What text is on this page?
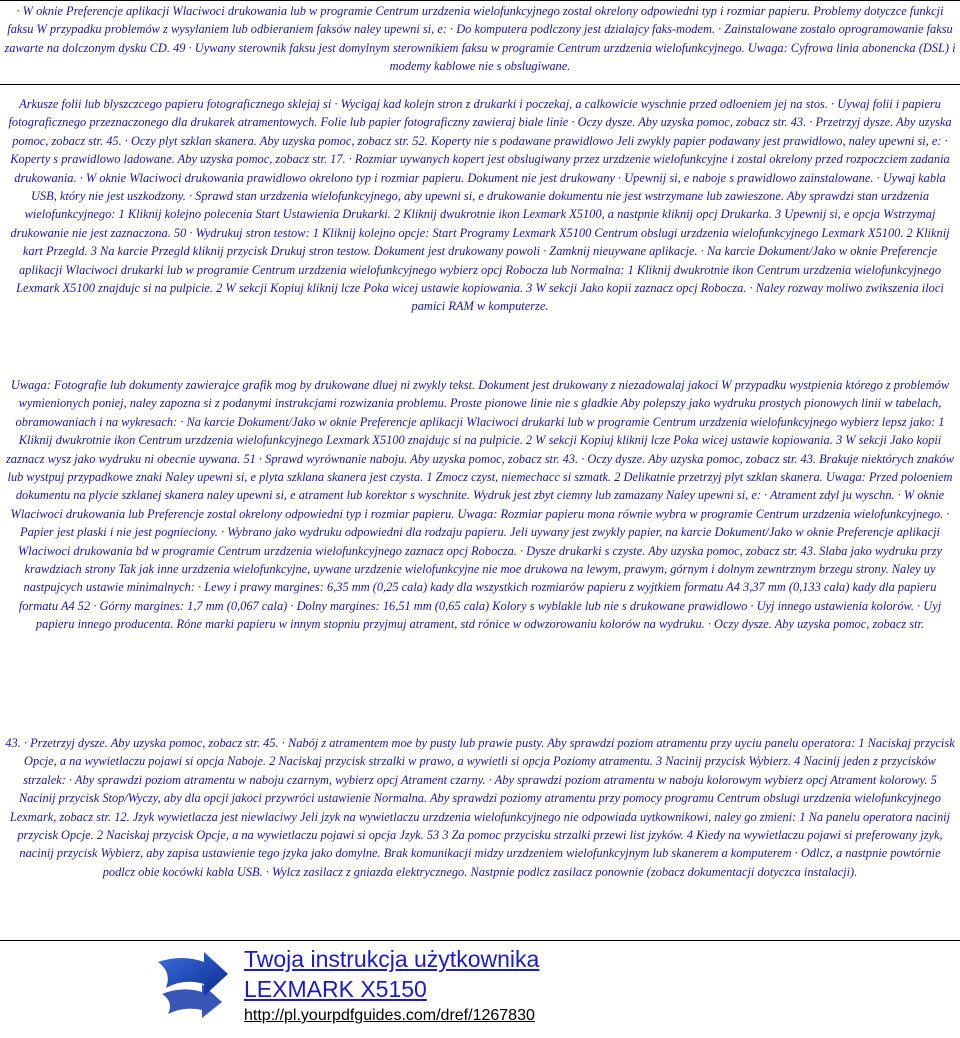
· W oknie Preferencje aplikacji Wlaciwoci drukowania lub w programie Centrum urzdzenia wielofunkcyjnego zostal okrelony odpowiedni typ i rozmiar papieru. Problemy dotyczce funkcji faksu W przypadku problemów z wysylaniem lub odbieraniem faksów naley upewni si, e: · Do komputera podlczony jest dzialajcy faks-modem. · Zainstalowane zostalo oprogramowanie faksu zawarte na dolczonym dysku CD. 49 · Uywany sterownik faksu jest domylnym sterownikiem faksu w programie Centrum urzdzenia wielofunkcyjnego. Uwaga: Cyfrowa linia abonencka (DSL) i modemy kablowe nie s obslugiwane.
Arkusze folii lub blyszczcego papieru fotograficznego sklejaj si · Wycigaj kad kolejn stron z drukarki i poczekaj, a calkowicie wyschnie przed odloeniem jej na stos. · Uywaj folii i papieru fotograficznego przeznaczonego dla drukarek atramentowych. Folie lub papier fotograficzny zawieraj biale linie · Oczy dysze. Aby uzyska pomoc, zobacz str. 43. · Przetrzyj dysze. Aby uzyska pomoc, zobacz str. 45. · Oczy plyt szklan skanera. Aby uzyska pomoc, zobacz str. 52. Koperty nie s podawane prawidlowo Jeli zwykly papier podawany jest prawidlowo, naley upewni si, e: · Koperty s prawidlowo ladowane. Aby uzyska pomoc, zobacz str. 17. · Rozmiar uywanych kopert jest obslugiwany przez urzdzenie wielofunkcyjne i zostal okrelony przed rozpoczciem zadania drukowania. · W oknie Wlaciwoci drukowania prawidlowo okrelono typ i rozmiar papieru. Dokument nie jest drukowany · Upewnij si, e naboje s prawidlowo zainstalowane. · Uywaj kabla USB, który nie jest uszkodzony. · Sprawd stan urzdzenia wielofunkcyjnego, aby upewni si, e drukowanie dokumentu nie jest wstrzymane lub zawieszone. Aby sprawdzi stan urzdzenia wielofunkcyjnego: 1 Kliknij kolejno polecenia Start Ustawienia Drukarki. 2 Kliknij dwukrotnie ikon Lexmark X5100, a nastpnie kliknij opcj Drukarka. 3 Upewnij si, e opcja Wstrzymaj drukowanie nie jest zaznaczona. 50 · Wydrukuj stron testow: 1 Kliknij kolejno opcje: Start Programy Lexmark X5100 Centrum obslugi urzdzenia wielofunkcyjnego Lexmark X5100. 2 Kliknij kart Przegld. 3 Na karcie Przegld kliknij przycisk Drukuj stron testow. Dokument jest drukowany powoli · Zamknij nieuywane aplikacje. · Na karcie Dokument/Jako w oknie Preferencje aplikacji Wlaciwoci drukarki lub w programie Centrum urzdzenia wielofunkcyjnego wybierz opcj Robocza lub Normalna: 1 Kliknij dwukrotnie ikon Centrum urzdzenia wielofunkcyjnego Lexmark X5100 znajdujc si na pulpicie. 2 W sekcji Kopiuj kliknij lcze Poka wicej ustawie kopiowania. 3 W sekcji Jako kopii zaznacz opcj Robocza. · Naley rozway moliwo zwikszenia iloci pamici RAM w komputerze.
Uwaga: Fotografie lub dokumenty zawierajce grafik mog by drukowane dluej ni zwykly tekst. Dokument jest drukowany z niezadowalaj jakoci W przypadku wystpienia którego z problemów wymienionych poniej, naley zapozna si z podanymi instrukcjami rozwizania problemu. Proste pionowe linie nie s gladkie Aby polepszy jako wydruku prostych pionowych linii w tabelach, obramowaniach i na wykresach: · Na karcie Dokument/Jako w oknie Preferencje aplikacji Wlaciwoci drukarki lub w programie Centrum urzdzenia wielofunkcyjnego wybierz lepsz jako: 1 Kliknij dwukrotnie ikon Centrum urzdzenia wielofunkcyjnego Lexmark X5100 znajdujc si na pulpicie. 2 W sekcji Kopiuj kliknij lcze Poka wicej ustawie kopiowania. 3 W sekcji Jako kopii zaznacz wysz jako wydruku ni obecnie uywana. 51 · Sprawd wyrównanie naboju. Aby uzyska pomoc, zobacz str. 43. · Oczy dysze. Aby uzyska pomoc, zobacz str. 43. Brakuje niektórych znaków lub wystpuj przypadkowe znaki Naley upewni si, e plyta szklana skanera jest czysta. 1 Zmocz czyst, niemechacc si szmatk. 2 Delikatnie przetrzyj plyt szklan skanera. Uwaga: Przed poloeniem dokumentu na plycie szklanej skanera naley upewni si, e atrament lub korektor s wyschnite. Wydruk jest zbyt ciemny lub zamazany Naley upewni si, e: · Atrament zdyl ju wyschn. · W oknie Wlaciwoci drukowania lub Preferencje zostal okrelony odpowiedni typ i rozmiar papieru. Uwaga: Rozmiar papieru mona równie wybra w programie Centrum urzdzenia wielofunkcyjnego. · Papier jest plaski i nie jest pognieciony. · Wybrano jako wydruku odpowiedni dla rodzaju papieru. Jeli uywany jest zwykly papier, na karcie Dokument/Jako w oknie Preferencje aplikacji Wlaciwoci drukowania bd w programie Centrum urzdzenia wielofunkcyjnego zaznacz opcj Robocza. · Dysze drukarki s czyste. Aby uzyska pomoc, zobacz str. 43. Slaba jako wydruku przy krawdziach strony Tak jak inne urzdzenia wielofunkcyjne, uywane urzdzenie wielofunkcyjne nie moe drukowa na lewym, prawym, górnym i dolnym zewntrznym brzegu strony. Naley uy nastpujcych ustawie minimalnych: · Lewy i prawy margines: 6,35 mm (0,25 cala) kady dla wszystkich rozmiarów papieru z wyjtkiem formatu A4 3,37 mm (0,133 cala) kady dla papieru formatu A4 52 · Górny margines: 1,7 mm (0,067 cala) · Dolny margines: 16,51 mm (0,65 cala) Kolory s wyblakle lub nie s drukowane prawidlowo · Uyj innego ustawienia kolorów. · Uyj papieru innego producenta. Róne marki papieru w innym stopniu przyjmuj atrament, std rónice w odwzorowaniu kolorów na wydruku. · Oczy dysze. Aby uzyska pomoc, zobacz str.
43. · Przetrzyj dysze. Aby uzyska pomoc, zobacz str. 45. · Nabój z atramentem moe by pusty lub prawie pusty. Aby sprawdzi poziom atramentu przy uyciu panelu operatora: 1 Naciskaj przycisk Opcje, a na wywietlaczu pojawi si opcja Naboje. 2 Naciskaj przycisk strzalki w prawo, a wywietli si opcja Poziomy atramentu. 3 Nacinij przycisk Wybierz. 4 Nacinij jeden z przycisków strzalek: · Aby sprawdzi poziom atramentu w naboju czarnym, wybierz opcj Atrament czarny. · Aby sprawdzi poziom atramentu w naboju kolorowym wybierz opcj Atrament kolorowy. 5 Nacinij przycisk Stop/Wyczy, aby dla opcji jakoci przywróci ustawienie Normalna. Aby sprawdzi poziomy atramentu przy pomocy programu Centrum obslugi urzdzenia wielofunkcyjnego Lexmark, zobacz str. 12. Jzyk wywietlacza jest niewlaciwy Jeli jzyk na wywietlaczu urzdzenia wielofunkcyjnego nie odpowiada uytkownikowi, naley go zmieni: 1 Na panelu operatora nacinij przycisk Opcje. 2 Naciskaj przycisk Opcje, a na wywietlaczu pojawi si opcja Jzyk. 53 3 Za pomoc przycisku strzalki przewi list jzyków. 4 Kiedy na wywietlaczu pojawi si preferowany jzyk, nacinij przycisk Wybierz, aby zapisa ustawienie tego jzyka jako domylne. Brak komunikacji midzy urzdzeniem wielofunkcyjnym lub skanerem a komputerem · Odlcz, a nastpnie powtórnie podlcz obie kocówki kabla USB. · Wylcz zasilacz z gniazda elektrycznego. Nastpnie podlcz zasilacz ponownie (zobacz dokumentacji dotyczca instalacji).
Twoja instrukcja użytkownika
LEXMARK X5150
http://pl.yourpdfguides.com/dref/1267830
